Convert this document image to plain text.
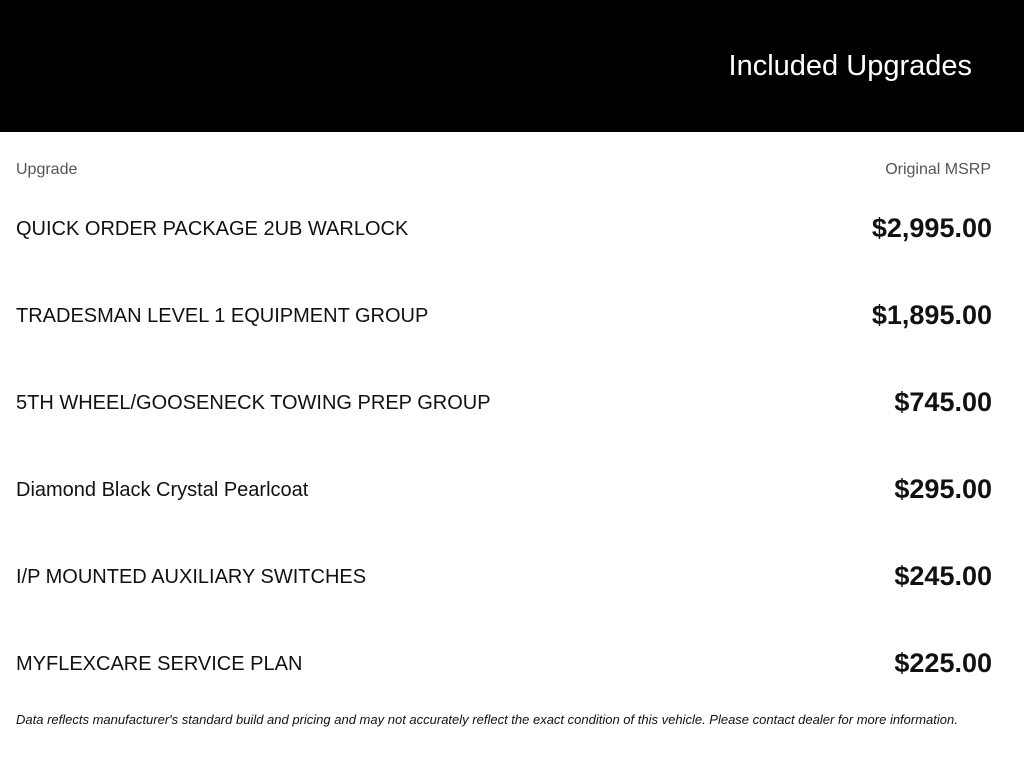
Included Upgrades
Upgrade	Original MSRP
QUICK ORDER PACKAGE 2UB WARLOCK	$2,995.00
TRADESMAN LEVEL 1 EQUIPMENT GROUP	$1,895.00
5TH WHEEL/GOOSENECK TOWING PREP GROUP	$745.00
Diamond Black Crystal Pearlcoat	$295.00
I/P MOUNTED AUXILIARY SWITCHES	$245.00
MYFLEXCARE SERVICE PLAN	$225.00
Data reflects manufacturer's standard build and pricing and may not accurately reflect the exact condition of this vehicle. Please contact dealer for more information.
